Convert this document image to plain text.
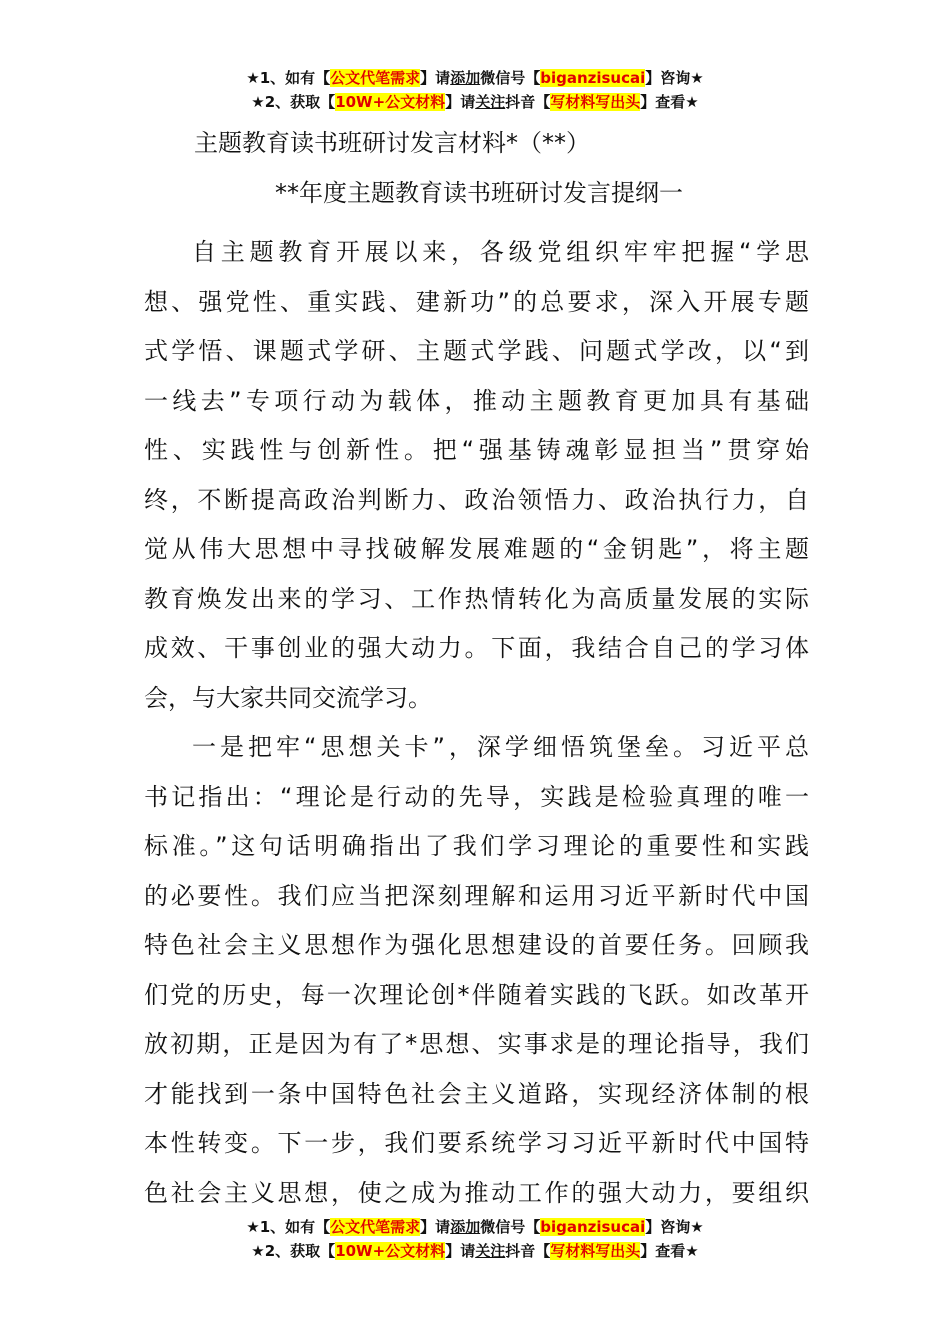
★1、如有【公文代笔需求】请添加微信号【biganzisucai】咨询★
★2、获取【10W+公文材料】请关注抖音【写材料写出头】查看★
主题教育读书班研讨发言材料*（**）
**年度主题教育读书班研讨发言提纲一

自主题教育开展以来，各级党组织牢牢把握“学思
想、强党性、重实践、建新功”的总要求，深入开展专题
式学悟、课题式学研、主题式学践、问题式学改，以“到
一线去”专项行动为载体，推动主题教育更加具有基础
性、实践性与创新性。把“强基铸魂彰显担当”贯穿始
终，不断提高政治判断力、政治领悟力、政治执行力，自
觉从伟大思想中寻找破解发展难题的“金钥匙”，将主题
教育焕发出来的学习、工作热情转化为高质量发展的实际
成效、干事创业的强大动力。下面，我结合自己的学习体
会，与大家共同交流学习。

一是把牢“思想关卡”，深学细悟筑堡垒。习近平总
书记指出：“理论是行动的先导，实践是检验真理的唯一
标准。”这句话明确指出了我们学习理论的重要性和实践
的必要性。我们应当把深刻理解和运用习近平新时代中国
特色社会主义思想作为强化思想建设的首要任务。回顾我
们党的历史，每一次理论创*伴随着实践的飞跃。如改革开
放初期，正是因为有了*思想、实事求是的理论指导，我们
才能找到一条中国特色社会主义道路，实现经济体制的根
本性转变。下一步，我们要系统学习习近平新时代中国特
色社会主义思想，使之成为推动工作的强大动力，要组织

★1、如有【公文代笔需求】请添加微信号【biganzisucai】咨询★
★2、获取【10W+公文材料】请关注抖音【写材料写出头】查看★
